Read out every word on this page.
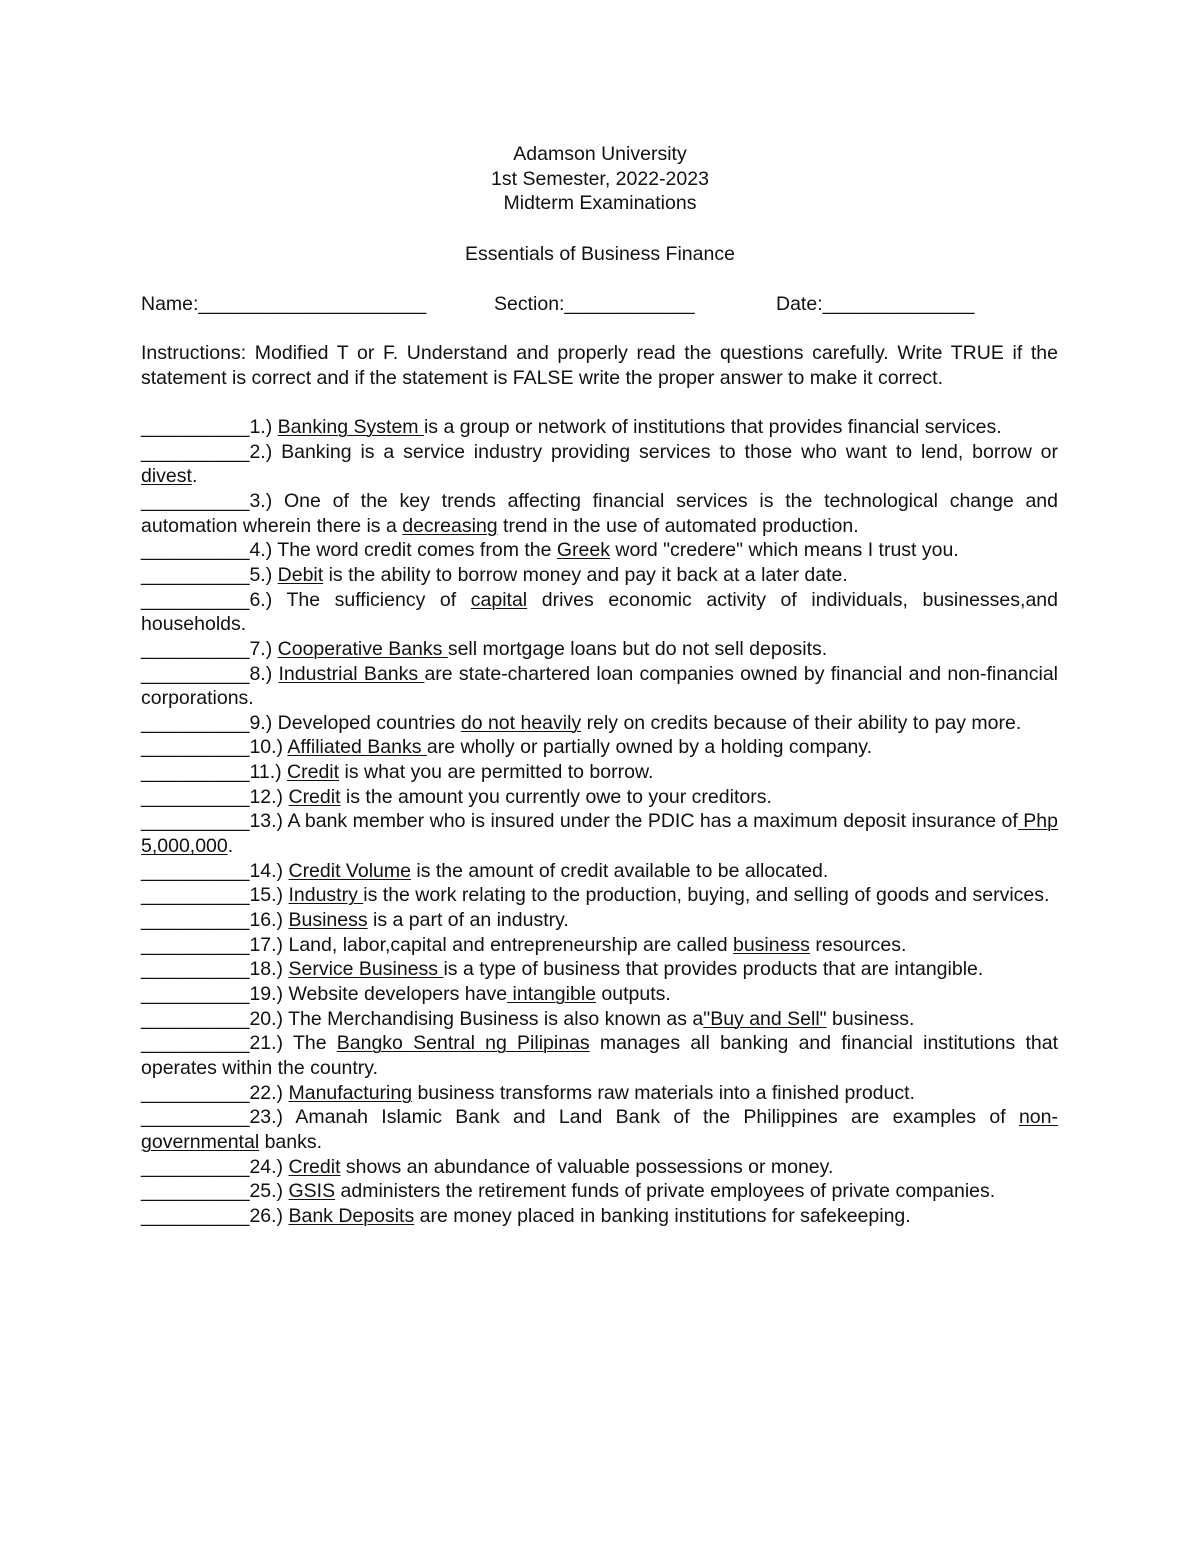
Adamson University
1st Semester, 2022-2023
Midterm Examinations
Essentials of Business Finance
Name:_____________________	Section:____________	Date:______________

Instructions: Modified T or F. Understand and properly read the questions carefully. Write TRUE if the statement is correct and if the statement is FALSE write the proper answer to make it correct.

__________1.) Banking System is a group or network of institutions that provides financial services.

__________2.) Banking is a service industry providing services to those who want to lend, borrow or divest.

__________3.) One of the key trends affecting financial services is the technological change and automation wherein there is a decreasing trend in the use of automated production.

__________4.) The word credit comes from the Greek word "credere" which means I trust you.

__________5.) Debit is the ability to borrow money and pay it back at a later date.

__________6.) The sufficiency of capital drives economic activity of individuals, businesses,and households.

__________7.) Cooperative Banks sell mortgage loans but do not sell deposits.

__________8.) Industrial Banks are state-chartered loan companies owned by financial and non-financial corporations.

__________9.) Developed countries do not heavily rely on credits because of their ability to pay more.

__________10.) Affiliated Banks are wholly or partially owned by a holding company.

__________11.) Credit is what you are permitted to borrow.

__________12.) Credit is the amount you currently owe to your creditors.

__________13.) A bank member who is insured under the PDIC has a maximum deposit insurance of Php 5,000,000.

__________14.) Credit Volume is the amount of credit available to be allocated.

__________15.) Industry is the work relating to the production, buying, and selling of goods and services.

__________16.) Business is a part of an industry.

__________17.) Land, labor,capital and entrepreneurship are called business resources.

__________18.) Service Business is a type of business that provides products that are intangible.

__________19.) Website developers have intangible outputs.

__________20.) The Merchandising Business is also known as a"Buy and Sell" business.

__________21.) The Bangko Sentral ng Pilipinas manages all banking and financial institutions that operates within the country.

__________22.) Manufacturing business transforms raw materials into a finished product.

__________23.) Amanah Islamic Bank and Land Bank of the Philippines are examples of non-governmental banks.

__________24.) Credit shows an abundance of valuable possessions or money.

__________25.) GSIS administers the retirement funds of private employees of private companies.

__________26.) Bank Deposits are money placed in banking institutions for safekeeping.
